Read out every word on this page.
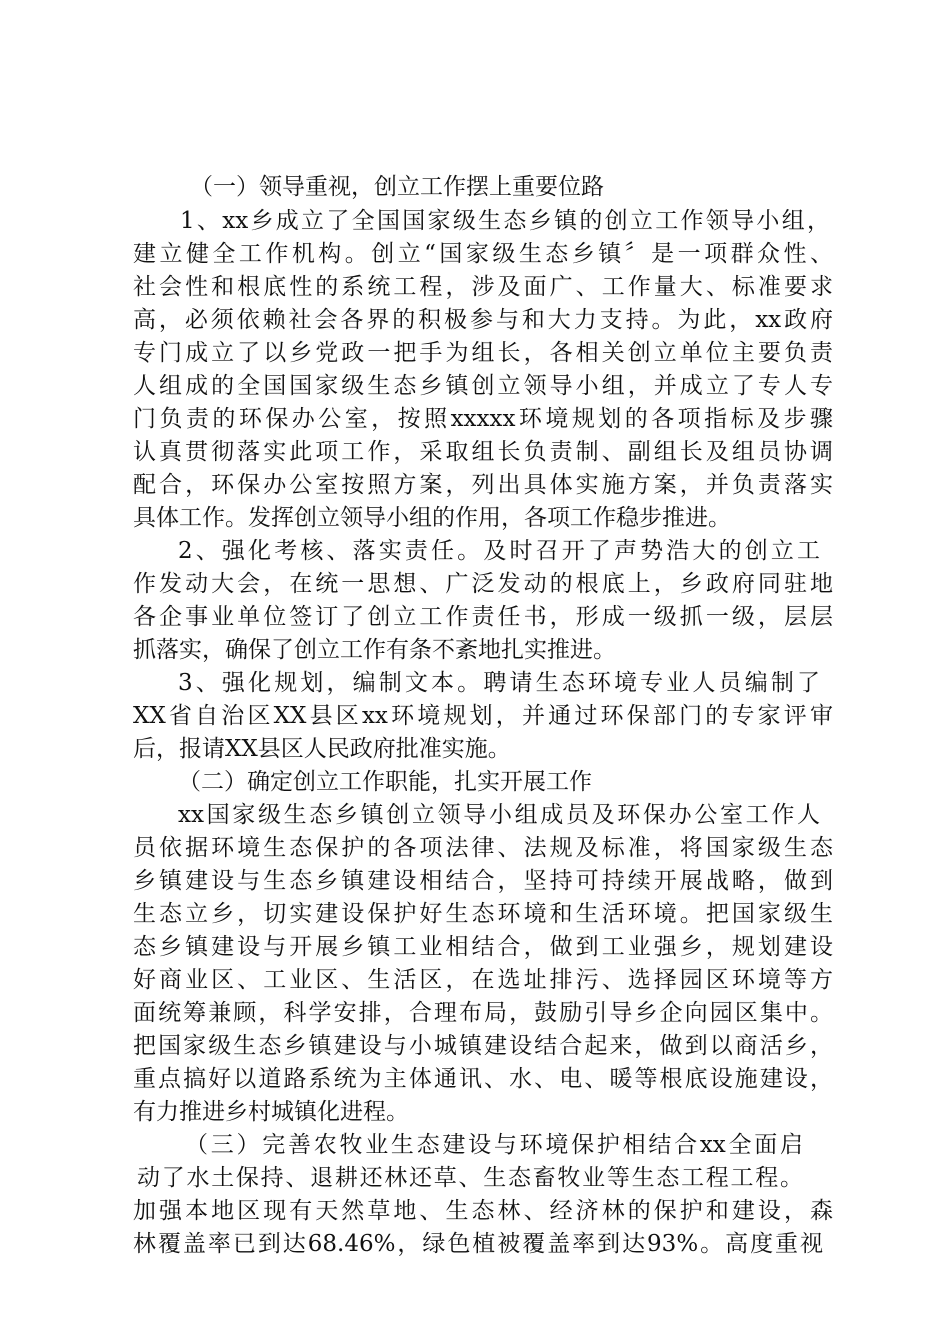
（一）领导重视，创立工作摆上重要位路
1、xx乡成立了全国国家级生态乡镇的创立工作领导小组，
建立健全工作机构。创立“国家级生态乡镇〞是一项群众性、
社会性和根底性的系统工程，涉及面广、工作量大、标准要求
高，必须依赖社会各界的积极参与和大力支持。为此，xx政府
专门成立了以乡党政一把手为组长，各相关创立单位主要负责
人组成的全国国家级生态乡镇创立领导小组，并成立了专人专
门负责的环保办公室，按照xxxxx环境规划的各项指标及步骤
认真贯彻落实此项工作，采取组长负责制、副组长及组员协调
配合，环保办公室按照方案，列出具体实施方案，并负责落实
具体工作。发挥创立领导小组的作用，各项工作稳步推进。
2、强化考核、落实责任。及时召开了声势浩大的创立工
作发动大会，在统一思想、广泛发动的根底上，乡政府同驻地
各企事业单位签订了创立工作责任书，形成一级抓一级，层层
抓落实，确保了创立工作有条不紊地扎实推进。
3、强化规划，编制文本。聘请生态环境专业人员编制了
XX省自治区XX县区xx环境规划，并通过环保部门的专家评审
后，报请XX县区人民政府批准实施。
（二）确定创立工作职能，扎实开展工作
xx国家级生态乡镇创立领导小组成员及环保办公室工作人
员依据环境生态保护的各项法律、法规及标准，将国家级生态
乡镇建设与生态乡镇建设相结合，坚持可持续开展战略，做到
生态立乡，切实建设保护好生态环境和生活环境。把国家级生
态乡镇建设与开展乡镇工业相结合，做到工业强乡，规划建设
好商业区、工业区、生活区，在选址排污、选择园区环境等方
面统筹兼顾，科学安排，合理布局，鼓励引导乡企向园区集中。
把国家级生态乡镇建设与小城镇建设结合起来，做到以商活乡，
重点搞好以道路系统为主体通讯、水、电、暖等根底设施建设，
有力推进乡村城镇化进程。
（三）完善农牧业生态建设与环境保护相结合xx全面启
动了水土保持、退耕还林还草、生态畜牧业等生态工程工程。
加强本地区现有天然草地、生态林、经济林的保护和建设，森
林覆盖率已到达68.46%，绿色植被覆盖率到达93%。高度重视
